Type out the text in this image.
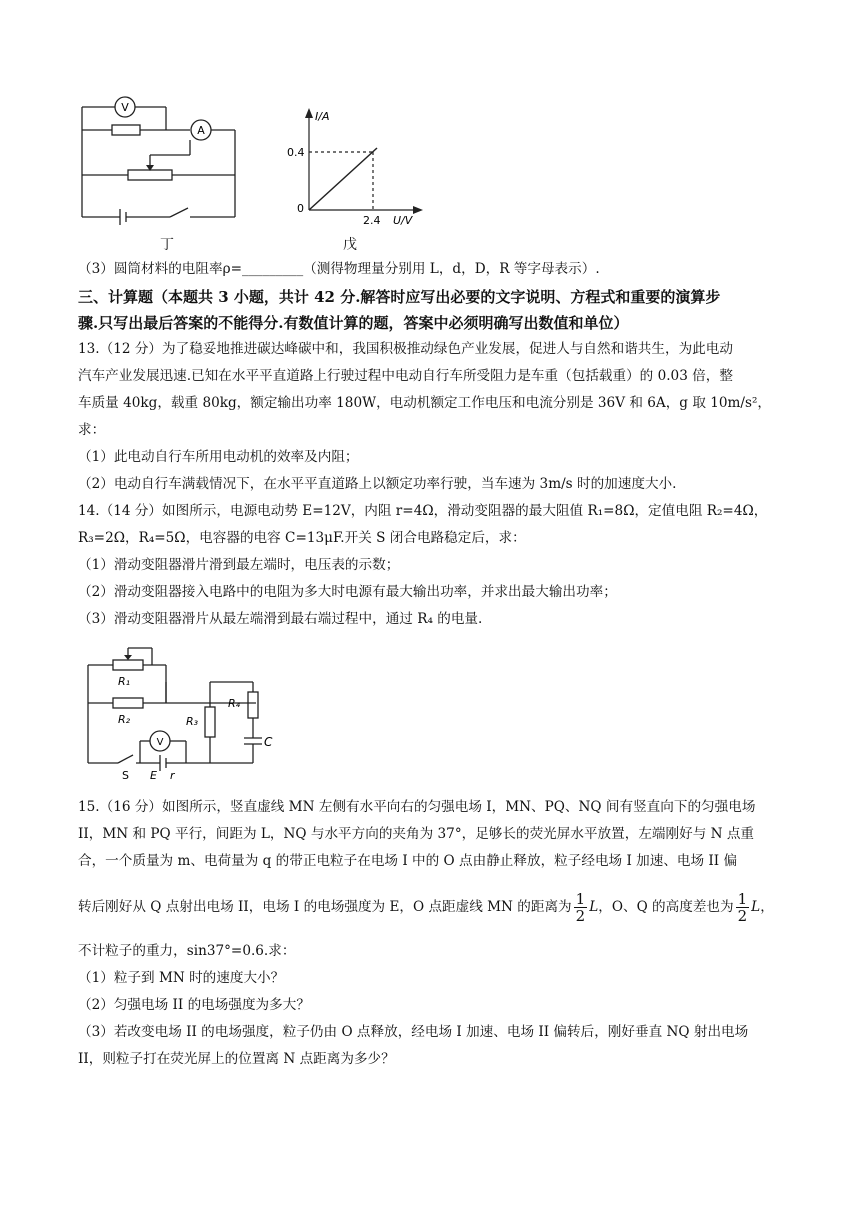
V
A
丁
I/A
U/V
0.4
2.4
0
戊
（3）圆筒材料的电阻率ρ=_________（测得物理量分别用 L，d，D，R 等字母表示）.
三、计算题（本题共 3 小题，共计 42 分.解答时应写出必要的文字说明、方程式和重要的演算步
骤.只写出最后答案的不能得分.有数值计算的题，答案中必须明确写出数值和单位）
13.（12 分）为了稳妥地推进碳达峰碳中和，我国积极推动绿色产业发展，促进人与自然和谐共生，为此电动
汽车产业发展迅速.已知在水平平直道路上行驶过程中电动自行车所受阻力是车重（包括载重）的 0.03 倍，整
车质量 40kg，载重 80kg，额定输出功率 180W，电动机额定工作电压和电流分别是 36V 和 6A，g 取 10m/s²，
求：
（1）此电动自行车所用电动机的效率及内阻；
（2）电动自行车满载情况下，在水平平直道路上以额定功率行驶，当车速为 3m/s 时的加速度大小.
14.（14 分）如图所示，电源电动势 E=12V，内阻 r=4Ω，滑动变阻器的最大阻值 R₁=8Ω，定值电阻 R₂=4Ω，
R₃=2Ω，R₄=5Ω，电容器的电容 C=13μF.开关 S 闭合电路稳定后，求：
（1）滑动变阻器滑片滑到最左端时，电压表的示数；
（2）滑动变阻器接入电路中的电阻为多大时电源有最大输出功率，并求出最大输出功率；
（3）滑动变阻器滑片从最左端滑到最右端过程中，通过 R₄ 的电量.
R₁
R₂	R₃
R₄
C
S E r
V
15.（16 分）如图所示，竖直虚线 MN 左侧有水平向右的匀强电场 I，MN、PQ、NQ 间有竖直向下的匀强电场
II，MN 和 PQ 平行，间距为 L，NQ 与水平方向的夹角为 37°，足够长的荧光屏水平放置，左端刚好与 N 点重
合，一个质量为 m、电荷量为 q 的带正电粒子在电场 I 中的 O 点由静止释放，粒子经电场 I 加速、电场 II 偏
转后刚好从 Q 点射出电场 II，电场 I 的电场强度为 E，O 点距虚线 MN 的距离为 $\frac{1}{2}$ L，O、Q 的高度差也为 $\frac{1}{2}$ L，
不计粒子的重力，sin37°=0.6.求：
（1）粒子到 MN 时的速度大小？
（2）匀强电场 II 的电场强度为多大？
（3）若改变电场 II 的电场强度，粒子仍由 O 点释放，经电场 I 加速、电场 II 偏转后，刚好垂直 NQ 射出电场
II，则粒子打在荧光屏上的位置离 N 点距离为多少？
